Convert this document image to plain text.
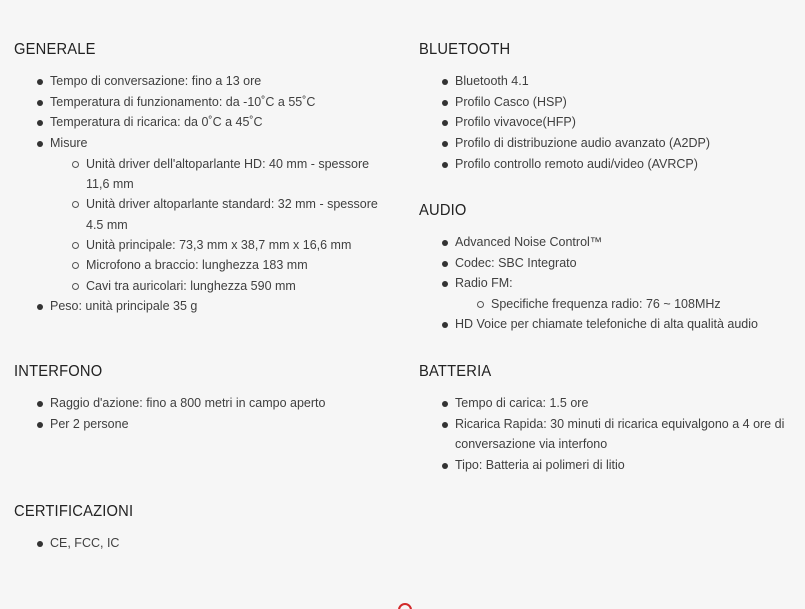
GENERALE
Tempo di conversazione: fino a 13 ore
Temperatura di funzionamento: da -10˚C a 55˚C
Temperatura di ricarica: da 0˚C a 45˚C
Misure
Unità driver dell'altoparlante HD: 40 mm - spessore 11,6 mm
Unità driver altoparlante standard: 32 mm - spessore 4.5 mm
Unità principale: 73,3 mm x 38,7 mm x 16,6 mm
Microfono a braccio: lunghezza 183 mm
Cavi tra auricolari: lunghezza 590 mm
Peso: unità principale 35 g
BLUETOOTH
Bluetooth 4.1
Profilo Casco (HSP)
Profilo vivavoce(HFP)
Profilo di distribuzione audio avanzato (A2DP)
Profilo controllo remoto audi/video (AVRCP)
AUDIO
Advanced Noise Control™
Codec: SBC Integrato
Radio FM:
Specifiche frequenza radio: 76 ~ 108MHz
HD Voice per chiamate telefoniche di alta qualità audio
INTERFONO
Raggio d'azione: fino a 800 metri in campo aperto
Per 2 persone
BATTERIA
Tempo di carica: 1.5 ore
Ricarica Rapida: 30 minuti di ricarica equivalgono a 4 ore di conversazione via interfono
Tipo: Batteria ai polimeri di litio
CERTIFICAZIONI
CE, FCC, IC
